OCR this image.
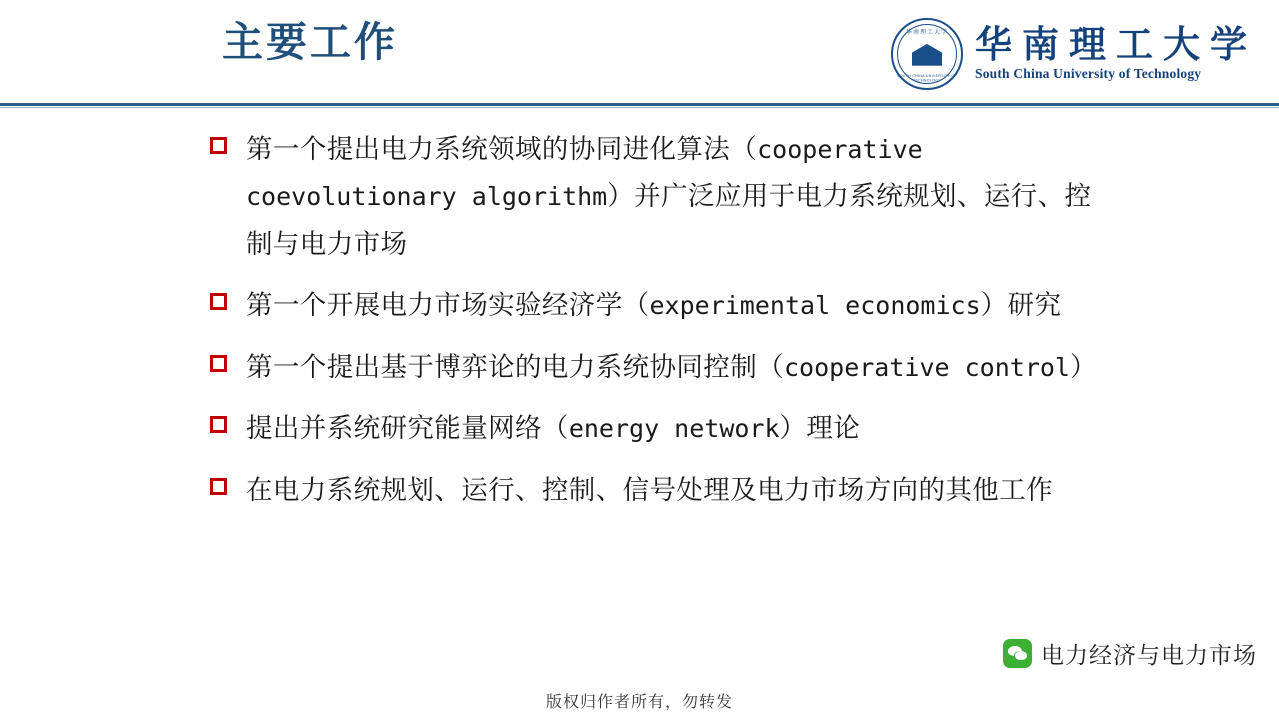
主要工作	华南理工大学
SOUTH CHINA UNIVERSITY OF TECHNOLOGY
华南理工大学
South China University of Technology
第一个提出电力系统领域的协同进化算法（cooperative coevolutionary algorithm）并广泛应用于电力系统规划、运行、控制与电力市场
第一个开展电力市场实验经济学（experimental economics）研究
第一个提出基于博弈论的电力系统协同控制（cooperative control）
提出并系统研究能量网络（energy network）理论
在电力系统规划、运行、控制、信号处理及电力市场方向的其他工作
电力经济与电力市场
版权归作者所有，勿转发
